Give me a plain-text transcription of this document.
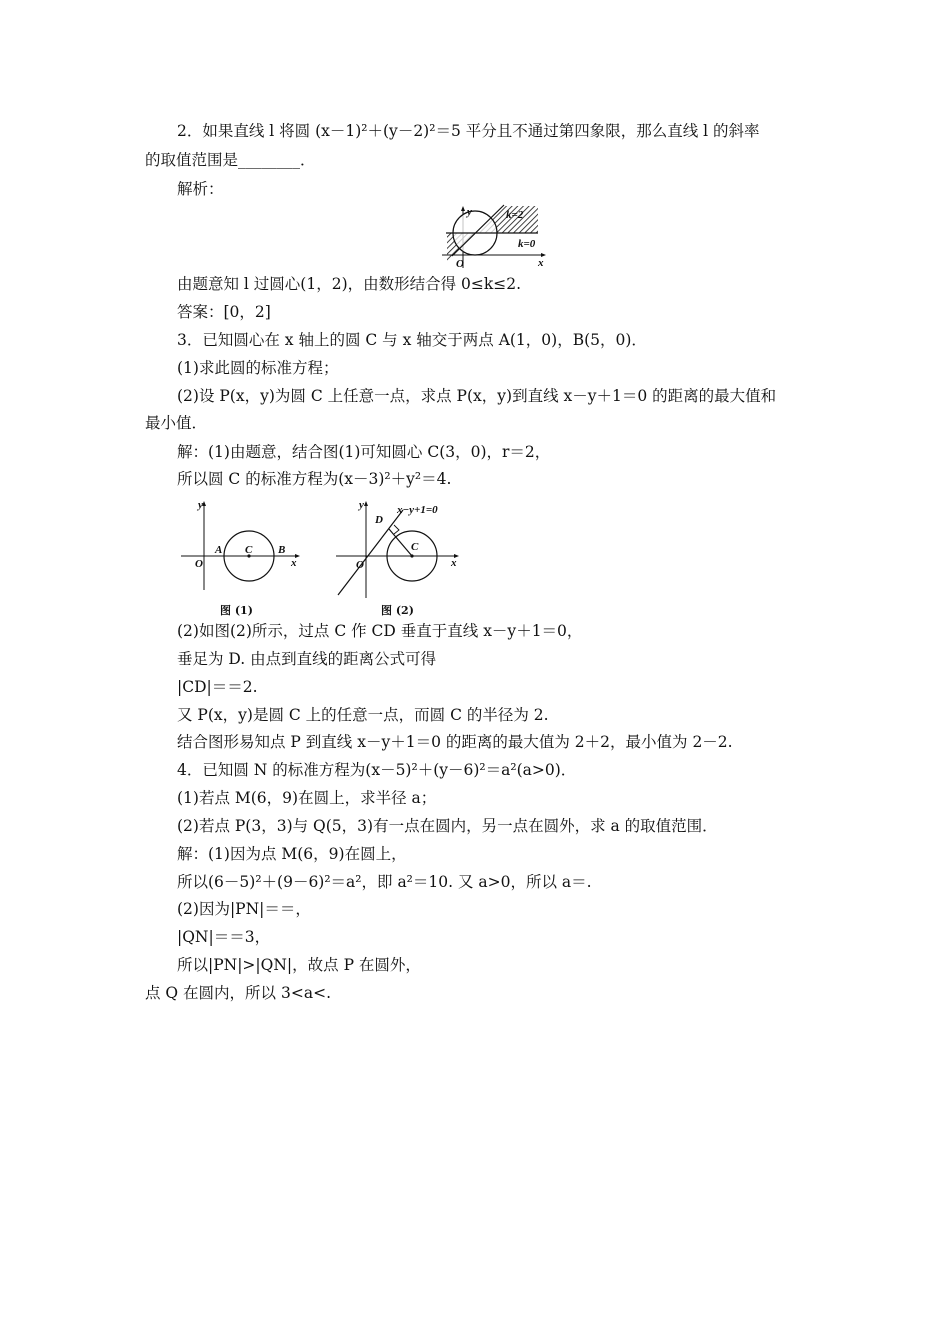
2．如果直线 l 将圆 (x－1)²＋(y－2)²＝5 平分且不通过第四象限，那么直线 l 的斜率
的取值范围是________．
解析：
由题意知 l 过圆心(1，2)，由数形结合得 0≤k≤2.
答案：[0，2]
3．已知圆心在 x 轴上的圆 C 与 x 轴交于两点 A(1，0)，B(5，0)．
(1)求此圆的标准方程；
(2)设 P(x，y)为圆 C 上任意一点，求点 P(x，y)到直线 x－y＋1＝0 的距离的最大值和
最小值．
解：(1)由题意，结合图(1)可知圆心 C(3，0)，r＝2，
所以圆 C 的标准方程为(x－3)²＋y²＝4.
(2)如图(2)所示，过点 C 作 CD 垂直于直线 x－y＋1＝0，
垂足为 D. 由点到直线的距离公式可得
|CD|＝＝2.
又 P(x，y)是圆 C 上的任意一点，而圆 C 的半径为 2.
结合图形易知点 P 到直线 x－y＋1＝0 的距离的最大值为 2＋2，最小值为 2－2.
4．已知圆 N 的标准方程为(x－5)²＋(y－6)²＝a²(a>0)．
(1)若点 M(6，9)在圆上，求半径 a；
(2)若点 P(3，3)与 Q(5，3)有一点在圆内，另一点在圆外，求 a 的取值范围．
解：(1)因为点 M(6，9)在圆上，
所以(6－5)²＋(9－6)²＝a²，即 a²＝10. 又 a>0，所以 a＝.
(2)因为|PN|＝＝，
|QN|＝＝3，
所以|PN|>|QN|，故点 P 在圆外，
点 Q 在圆内，所以 3<a<.
y
x
O
k=2
k=0
y
x
O
A C B
图 (1)
y
x
O
D
C
x−y+1=0
图 (2)
